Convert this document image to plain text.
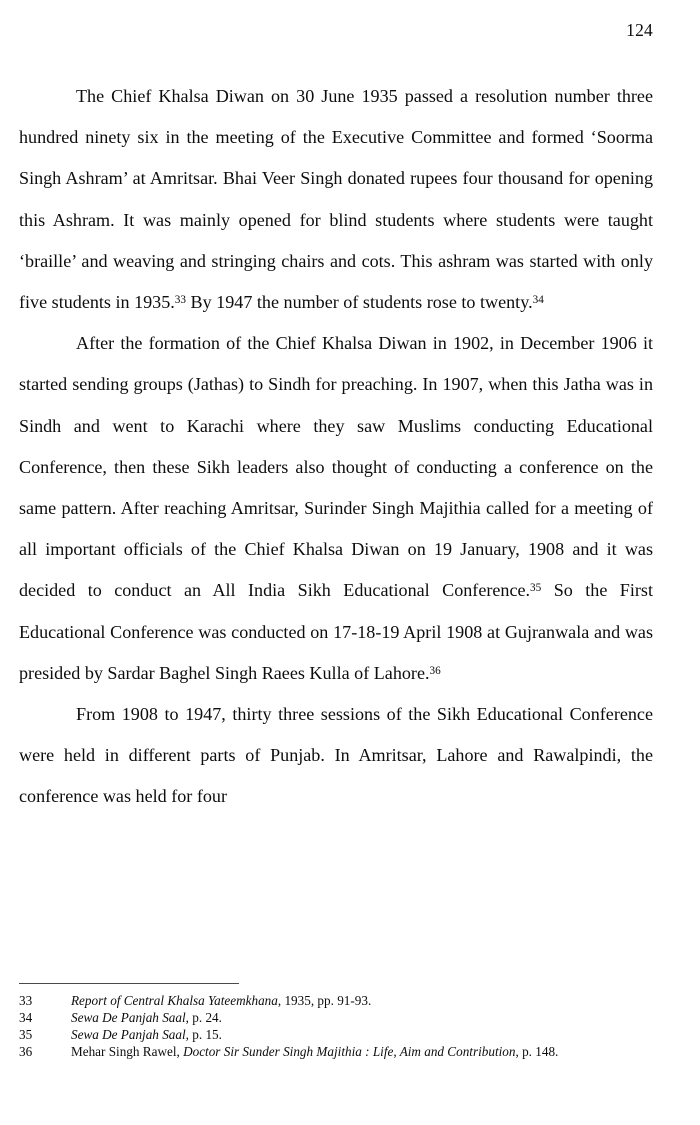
124

The Chief Khalsa Diwan on 30 June 1935 passed a resolution number three hundred ninety six in the meeting of the Executive Committee and formed ‘Soorma Singh Ashram’ at Amritsar. Bhai Veer Singh donated rupees four thousand for opening this Ashram. It was mainly opened for blind students where students were taught ‘braille’ and weaving and stringing chairs and cots. This ashram was started with only five students in 1935.33 By 1947 the number of students rose to twenty.$^{34}$

After the formation of the Chief Khalsa Diwan in 1902, in December 1906 it started sending groups (Jathas) to Sindh for preaching. In 1907, when this Jatha was in Sindh and went to Karachi where they saw Muslims conducting Educational Conference, then these Sikh leaders also thought of conducting a conference on the same pattern. After reaching Amritsar, Surinder Singh Majithia called for a meeting of all important officials of the Chief Khalsa Diwan on 19 January, 1908 and it was decided to conduct an All India Sikh Educational Conference.$^{35}$ So the First Educational Conference was conducted on 17-18-19 April 1908 at Gujranwala and was presided by Sardar Baghel Singh Raees Kulla of Lahore.$^{36}$

From 1908 to 1947, thirty three sessions of the Sikh Educational Conference were held in different parts of Punjab. In Amritsar, Lahore and Rawalpindi, the conference was held for four

33	Report of Central Khalsa Yateemkhana, 1935, pp. 91-93.
34	Sewa De Panjah Saal, p. 24.
35	Sewa De Panjah Saal, p. 15.
36	Mehar Singh Rawel, Doctor Sir Sunder Singh Majithia : Life, Aim and Contribution, p. 148.
